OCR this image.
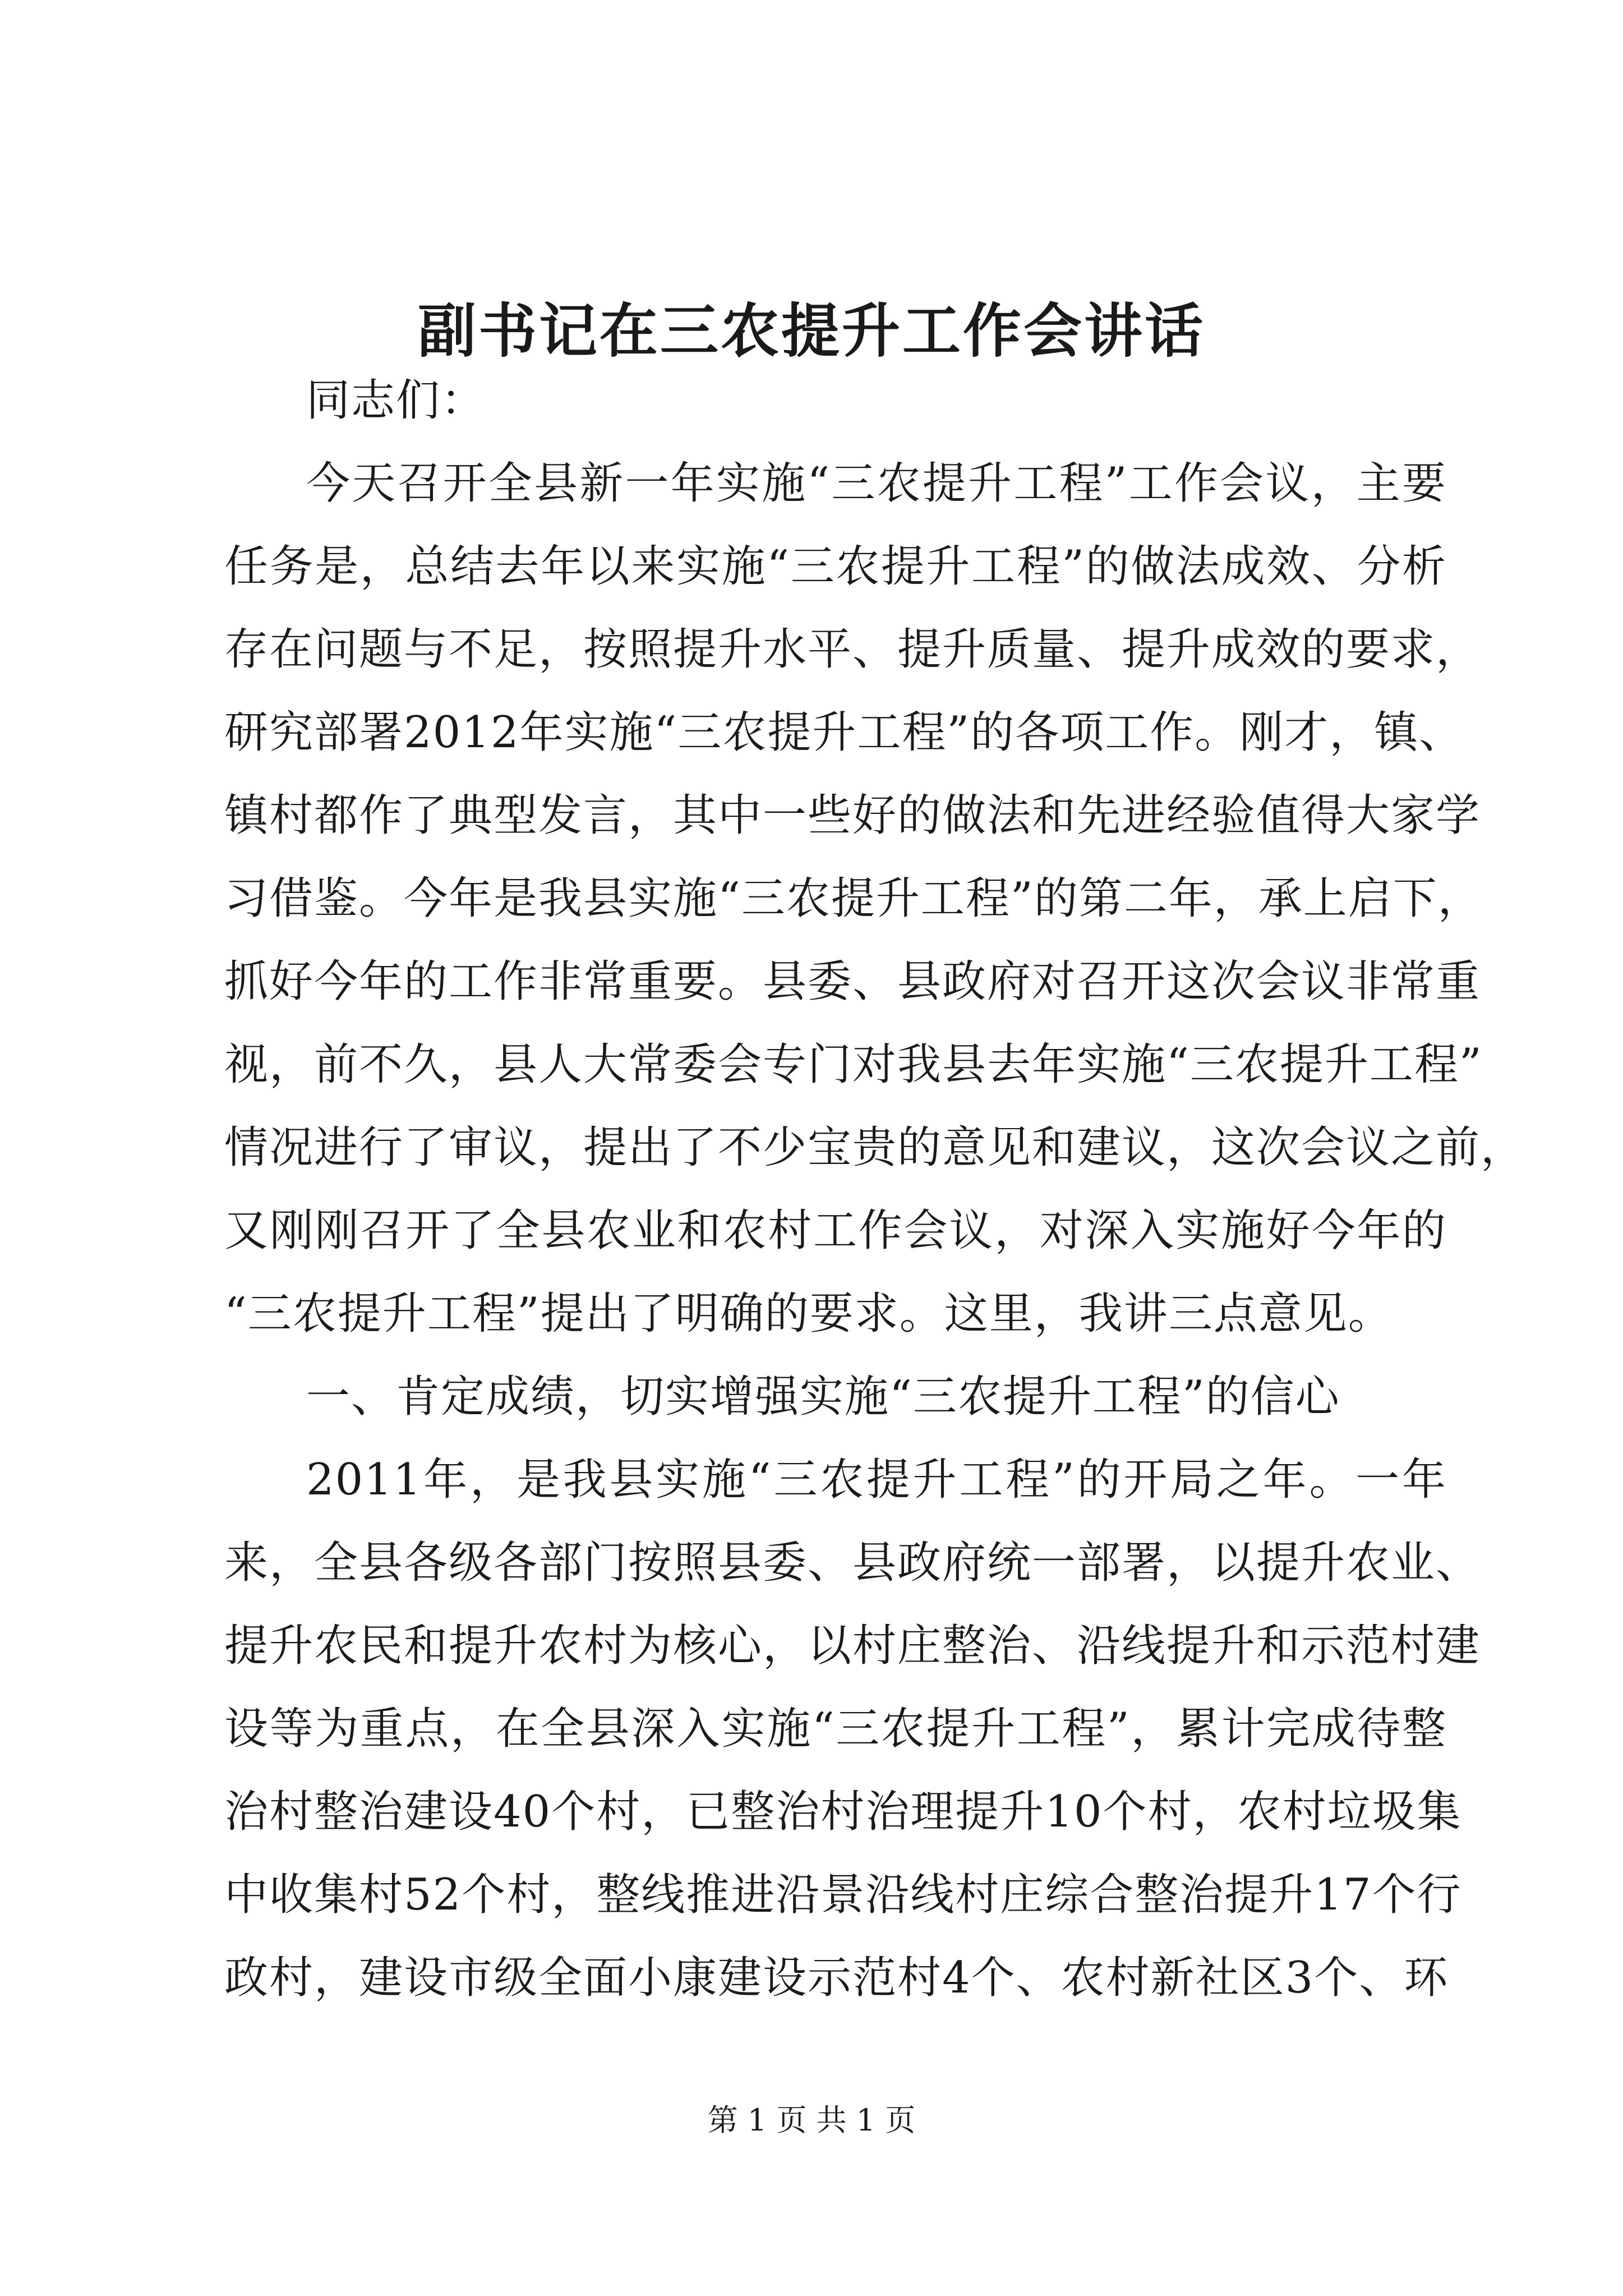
副书记在三农提升工作会讲话
同志们：
今天召开全县新一年实施“三农提升工程”工作会议，主要
任务是，总结去年以来实施“三农提升工程”的做法成效、分析
存在问题与不足，按照提升水平、提升质量、提升成效的要求，
研究部署2012年实施“三农提升工程”的各项工作。刚才，镇、
镇村都作了典型发言，其中一些好的做法和先进经验值得大家学
习借鉴。今年是我县实施“三农提升工程”的第二年，承上启下，
抓好今年的工作非常重要。县委、县政府对召开这次会议非常重
视，前不久，县人大常委会专门对我县去年实施“三农提升工程”
情况进行了审议，提出了不少宝贵的意见和建议，这次会议之前，
又刚刚召开了全县农业和农村工作会议，对深入实施好今年的
“三农提升工程”提出了明确的要求。这里，我讲三点意见。
一、肯定成绩，切实增强实施“三农提升工程”的信心
2011年，是我县实施“三农提升工程”的开局之年。一年
来，全县各级各部门按照县委、县政府统一部署，以提升农业、
提升农民和提升农村为核心，以村庄整治、沿线提升和示范村建
设等为重点，在全县深入实施“三农提升工程”，累计完成待整
治村整治建设40个村，已整治村治理提升10个村，农村垃圾集
中收集村52个村，整线推进沿景沿线村庄综合整治提升17个行
政村，建设市级全面小康建设示范村4个、农村新社区3个、环
第 1 页 共 1 页
